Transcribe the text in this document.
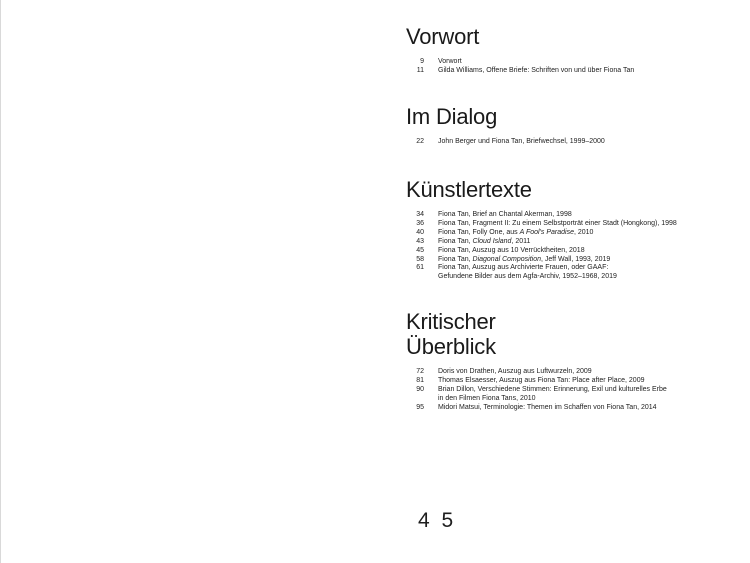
Vorwort
9 Vorwort
11 Gilda Williams, Offene Briefe: Schriften von und über Fiona Tan
Im Dialog
22 John Berger und Fiona Tan, Briefwechsel, 1999–2000
Künstlertexte
34 Fiona Tan, Brief an Chantal Akerman, 1998
36 Fiona Tan, Fragment II: Zu einem Selbstporträt einer Stadt (Hongkong), 1998
40 Fiona Tan, Folly One, aus A Fool's Paradise, 2010
43 Fiona Tan, Cloud Island, 2011
45 Fiona Tan, Auszug aus 10 Verrücktheiten, 2018
58 Fiona Tan, Diagonal Composition, Jeff Wall, 1993, 2019
61 Fiona Tan, Auszug aus Archivierte Frauen, oder GAAF:
Gefundene Bilder aus dem Agfa-Archiv, 1952–1968, 2019
Kritischer
Überblick
72 Doris von Drathen, Auszug aus Luftwurzeln, 2009
81 Thomas Elsaesser, Auszug aus Fiona Tan: Place after Place, 2009
90 Brian Dillon, Verschiedene Stimmen: Erinnerung, Exil und kulturelles Erbe
in den Filmen Fiona Tans, 2010
95 Midori Matsui, Terminologie: Themen im Schaffen von Fiona Tan, 2014
4 5
